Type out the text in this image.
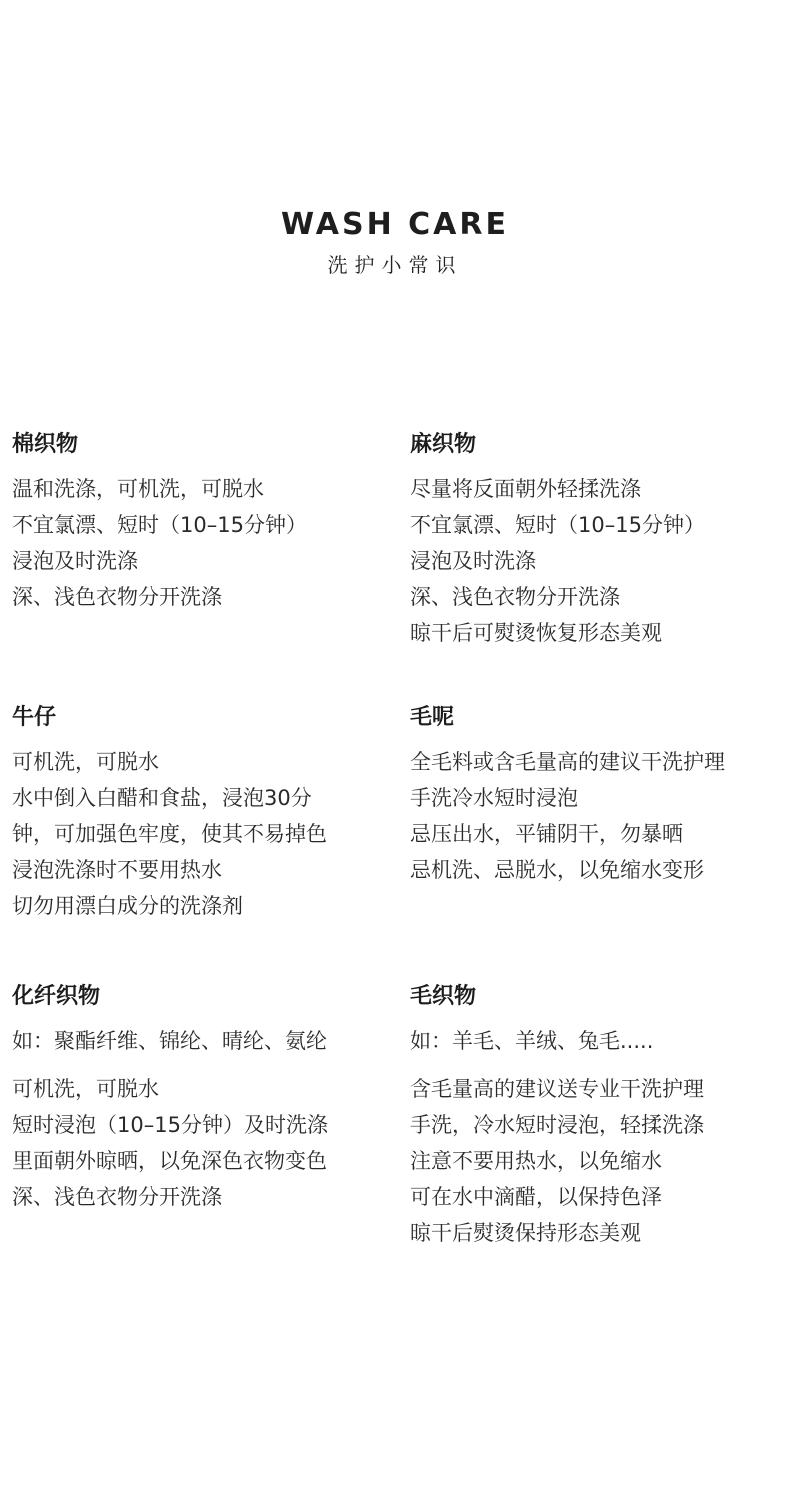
WASH CARE
洗护小常识
棉织物
温和洗涤，可机洗，可脱水
不宜氯漂、短时（10–15分钟）
浸泡及时洗涤
深、浅色衣物分开洗涤
麻织物
尽量将反面朝外轻揉洗涤
不宜氯漂、短时（10–15分钟）
浸泡及时洗涤
深、浅色衣物分开洗涤
晾干后可熨烫恢复形态美观
牛仔
可机洗，可脱水
水中倒入白醋和食盐，浸泡30分
钟，可加强色牢度，使其不易掉色
浸泡洗涤时不要用热水
切勿用漂白成分的洗涤剂
毛呢
全毛料或含毛量高的建议干洗护理
手洗冷水短时浸泡
忌压出水，平铺阴干，勿暴晒
忌机洗、忌脱水，以免缩水变形
化纤织物
如：聚酯纤维、锦纶、晴纶、氨纶
可机洗，可脱水
短时浸泡（10–15分钟）及时洗涤
里面朝外晾晒，以免深色衣物变色
深、浅色衣物分开洗涤
毛织物
如：羊毛、羊绒、兔毛.....
含毛量高的建议送专业干洗护理
手洗，冷水短时浸泡，轻揉洗涤
注意不要用热水，以免缩水
可在水中滴醋，以保持色泽
晾干后熨烫保持形态美观
